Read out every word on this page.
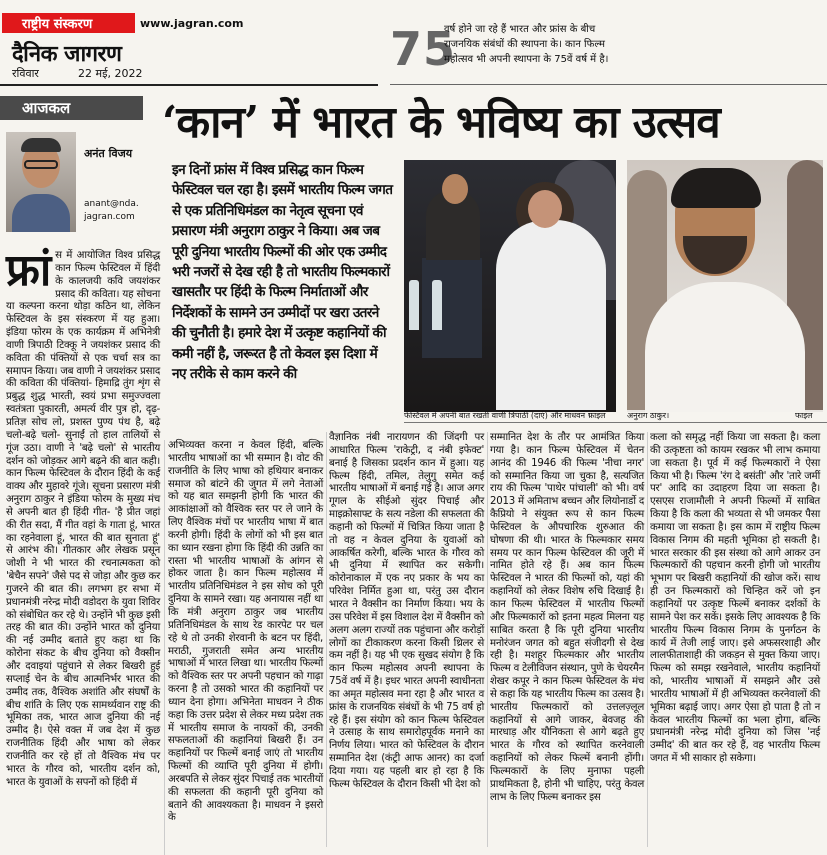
राष्ट्रीय संस्करण	www.jagran.com
दैनिक जागरण
रविवार	22 मई, 2022	75
वर्ष होने जा रहे हैं भारत और फ्रांस के बीच
राजनयिक संबंधों की स्थापना के। कान फिल्म
महोत्सव भी अपनी स्थापना के 75वें वर्ष में है।
आजकल
अनंत विजय
anant@nda.
jagran.com
‘कान’ में भारत के भविष्य का उत्सव
इन दिनों फ्रांस में विश्व प्रसिद्ध कान फिल्म फेस्टिवल चल रहा है। इसमें भारतीय फिल्म जगत से एक प्रतिनिधिमंडल का नेतृत्व सूचना एवं प्रसारण मंत्री अनुराग ठाकुर ने किया। अब जब पूरी दुनिया भारतीय फिल्मों की ओर एक उम्मीद भरी नजरों से देख रही है तो भारतीय फिल्मकारों खासतौर पर हिंदी के फिल्म निर्माताओं और निर्देशकों के सामने उन उम्मीदों पर खरा उतरने की चुनौती है। हमारे देश में उत्कृष्ट कहानियों की कमी नहीं है, जरूरत है तो केवल इस दिशा में नए तरीके से काम करने की
फेस्टिवल में अपनी बात रखतीं वाणी त्रिपाठी (दाएं) और माधवन ।
फाइल	अनुराग ठाकुर।	फाइल
फ्रां स में आयोजित विश्व प्रसिद्ध कान फिल्म फेस्टिवल में हिंदी के कालजयी कवि जयशंकर प्रसाद की कविता। यह सोचना या कल्पना करना थोड़ा कठिन था, लेकिन फेस्टिवल के इस संस्करण में यह हुआ। इंडिया फोरम के एक कार्यक्रम में अभिनेत्री वाणी त्रिपाठी टिक्कू ने जयशंकर प्रसाद की कविता की पंक्तियों से एक चर्चा सत्र का समापन किया। जब वाणी ने जयशंकर प्रसाद की कविता की पंक्तियां- हिमाद्रि तुंग शृंग से प्रबुद्ध शुद्ध भारती, स्वयं प्रभा समुज्ज्वला स्वतंत्रता पुकारती, अमर्त्य वीर पुत्र हो, दृढ़-प्रतिज्ञ सोच लो, प्रशस्त पुण्य पंथ है, बढ़े चलो-बढ़े चलो- सुनाईं तो हाल तालियों से गूंज उठा। वाणी ने 'बढ़े चलो' से भारतीय दर्शन को जोड़कर आगे बढ़ने की बात कही। कान फिल्म फेस्टिवल के दौरान हिंदी के कई वाक्य और मुहावरे गूंजे। सूचना प्रसारण मंत्री अनुराग ठाकुर ने इंडिया फोरम के मुख्य मंच से अपनी बात ही हिंदी गीत- 'है प्रीत जहां की रीत सदा, मैं गीत वहां के गाता हूं, भारत का रहनेवाला हूं, भारत की बात सुनाता हूं' से आरंभ की। गीतकार और लेखक प्रसून जोशी ने भी भारत की रचनात्मकता को 'बेचैन सपने' जैसे पद से जोड़ा और कुछ कर गुजरने की बात की। लगभग हर सभा में प्रधानमंत्री नरेन्द्र मोदी वडोदरा के युवा शिविर को संबोधित कर रहे थे। उन्होंने भी कुछ इसी तरह की बात की। उन्होंने भारत को दुनिया की नई उम्मीद बताते हुए कहा था कि कोरोना संकट के बीच दुनिया को वैक्सीन और दवाइयां पहुंचाने से लेकर बिखरी हुई सप्लाई चेन के बीच आत्मनिर्भर भारत की उम्मीद तक, वैश्विक अशांति और संघर्षों के बीच शांति के लिए एक सामर्थ्यवान राष्ट्र की भूमिका तक, भारत आज दुनिया की नई उम्मीद है। ऐसे वक्त में जब देश में कुछ राजनीतिक हिंदी और भाषा को लेकर राजनीति कर रहे हों तो वैश्विक मंच पर भारत के गौरव को, भारतीय दर्शन को, भारत के युवाओं के सपनों को हिंदी में
अभिव्यक्त करना न केवल हिंदी, बल्कि भारतीय भाषाओं का भी सम्मान है। वोट की राजनीति के लिए भाषा को हथियार बनाकर समाज को बांटने की जुगत में लगे नेताओं को यह बात समझनी होगी कि भारत की आकांक्षाओं को वैश्विक स्तर पर ले जाने के लिए वैश्विक मंचों पर भारतीय भाषा में बात करनी होगी। हिंदी के लोगों को भी इस बात का ध्यान रखना होगा कि हिंदी की उन्नति का रास्ता भी भारतीय भाषाओं के आंगन से होकर जाता है। कान फिल्म महोत्सव में भारतीय प्रतिनिधिमंडल ने इस सोच को पूरी दुनिया के सामने रखा। यह अनायास नहीं था कि मंत्री अनुराग ठाकुर जब भारतीय प्रतिनिधिमंडल के साथ रेड कारपेट पर चल रहे थे तो उनकी शेरवानी के बटन पर हिंदी, मराठी, गुजराती समेत अन्य भारतीय भाषाओं में भारत लिखा था। भारतीय फिल्मों को वैश्विक स्तर पर अपनी पहचान को गाढ़ा करना है तो उसको भारत की कहानियों पर ध्यान देना होगा। अभिनेता माधवन ने ठीक कहा कि उत्तर प्रदेश से लेकर मध्य प्रदेश तक में भारतीय समाज के नायकों की, उनकी सफलताओं की कहानियां बिखरी हैं। उन कहानियों पर फिल्में बनाई जाएं तो भारतीय फिल्मों की व्याप्ति पूरी दुनिया में होगी। अरबपति से लेकर सुंदर पिचाई तक भारतीयों की सफलता की कहानी पूरी दुनिया को बताने की आवश्यकता है। माधवन ने इसरो के
वैज्ञानिक नंबी नारायणन की जिंदगी पर आधारित फिल्म 'राकेट्री, द नंबी इफेक्ट' बनाई है जिसका प्रदर्शन कान में हुआ। यह फिल्म हिंदी, तमिल, तेलुगु समेत कई भारतीय भाषाओं में बनाई गई है। आज अगर गूगल के सीईओ सुंदर पिचाई और माइक्रोसाफ्ट के सत्य नडेला की सफलता की कहानी को फिल्मों में चित्रित किया जाता है तो वह न केवल दुनिया के युवाओं को आकर्षित करेगी, बल्कि भारत के गौरव को भी दुनिया में स्थापित कर सकेगी। कोरोनाकाल में एक नए प्रकार के भय का परिवेश निर्मित हुआ था, परंतु उस दौरान भारत ने वैक्सीन का निर्माण किया। भय के उस परिवेश में इस विशाल देश में वैक्सीन को अलग अलग राज्यों तक पहुंचाना और करोड़ों लोगों का टीकाकरण करना किसी थ्रिलर से कम नहीं है। यह भी एक सुखद संयोग है कि कान फिल्म महोत्सव अपनी स्थापना के 75वें वर्ष में है। इधर भारत अपनी स्वाधीनता का अमृत महोत्सव मना रहा है और भारत व फ्रांस के राजनयिक संबंधों के भी 75 वर्ष हो रहे हैं। इस संयोग को कान फिल्म फेस्टिवल ने उत्साह के साथ समारोहपूर्वक मनाने का निर्णय लिया। भारत को फेस्टिवल के दौरान सम्मानित देश (कंट्री आफ आनर) का दर्जा दिया गया। यह पहली बार हो रहा है कि फिल्म फेस्टिवल के दौरान किसी भी देश को
सम्मानित देश के तौर पर आमंत्रित किया गया है। कान फिल्म फेस्टिवल में चेतन आनंद की 1946 की फिल्म 'नीचा नगर' को सम्मानित किया जा चुका है, सत्यजित राय की फिल्म 'पाथेर पांचाली' को भी। वर्ष 2013 में अमिताभ बच्चन और लियोनार्डो द कैप्रियो ने संयुक्त रूप से कान फिल्म फेस्टिवल के औपचारिक शुरुआत की घोषणा की थी। भारत के फिल्मकार समय समय पर कान फिल्म फेस्टिवल की जूरी में नामित होते रहे हैं। अब कान फिल्म फेस्टिवल ने भारत की फिल्मों को, यहां की कहानियों को लेकर विशेष रुचि दिखाई है। कान फिल्म फेस्टिवल में भारतीय फिल्मों और फिल्मकारों को इतना महत्व मिलना यह साबित करता है कि पूरी दुनिया भारतीय मनोरंजन जगत को बहुत संजीदगी से देख रही है। मशहूर फिल्मकार और भारतीय फिल्म व टेलीविजन संस्थान, पुणे के चेयरमैन शेखर कपूर ने कान फिल्म फेस्टिवल के मंच से कहा कि यह भारतीय फिल्म का उत्सव है। भारतीय फिल्मकारों को उत्तलज़्लूल कहानियों से आगे जाकर, बेवजह की मारधाड़ और यौनिकता से आगे बढ़ते हुए भारत के गौरव को स्थापित करनेवाली कहानियों को लेकर फिल्में बनानी होंगी। फिल्मकारों के लिए मुनाफा पहली प्राथमिकता है, होनी भी चाहिए, परंतु केवल लाभ के लिए फिल्म बनाकर इस
कला को समृद्ध नहीं किया जा सकता है। कला की उत्कृष्टता को कायम रखकर भी लाभ कमाया जा सकता है। पूर्व में कई फिल्मकारों ने ऐसा किया भी है। फिल्म 'रंग दे बसंती' और 'तारे जमीं पर' आदि का उदाहरण दिया जा सकता है। एसएस राजामौली ने अपनी फिल्मों में साबित किया है कि कला की भव्यता से भी जमकर पैसा कमाया जा सकता है। इस काम में राष्ट्रीय फिल्म विकास निगम की महती भूमिका हो सकती है। भारत सरकार की इस संस्था को आगे आकर उन फिल्मकारों की पहचान करनी होगी जो भारतीय भूभाग पर बिखरी कहानियों की खोज करें। साथ ही उन फिल्मकारों को चिन्हित करें जो इन कहानियों पर उत्कृष्ट फिल्में बनाकर दर्शकों के सामने पेश कर सकें। इसके लिए आवश्यक है कि भारतीय फिल्म विकास निगम के पुनर्गठन के कार्य में तेजी लाई जाए। इसे अफसरशाही और लालफीताशाही की जकड़न से मुक्त किया जाए। फिल्म को समझ रखनेवाले, भारतीय कहानियों को, भारतीय भाषाओं में समझने और उसे भारतीय भाषाओं में ही अभिव्यक्त करनेवालों की भूमिका बढ़ाई जाए। अगर ऐसा हो पाता है तो न केवल भारतीय फिल्मों का भला होगा, बल्कि प्रधानमंत्री नरेन्द्र मोदी दुनिया को जिस 'नई उम्मीद' की बात कर रहे हैं, वह भारतीय फिल्म जगत में भी साकार हो सकेगा।
